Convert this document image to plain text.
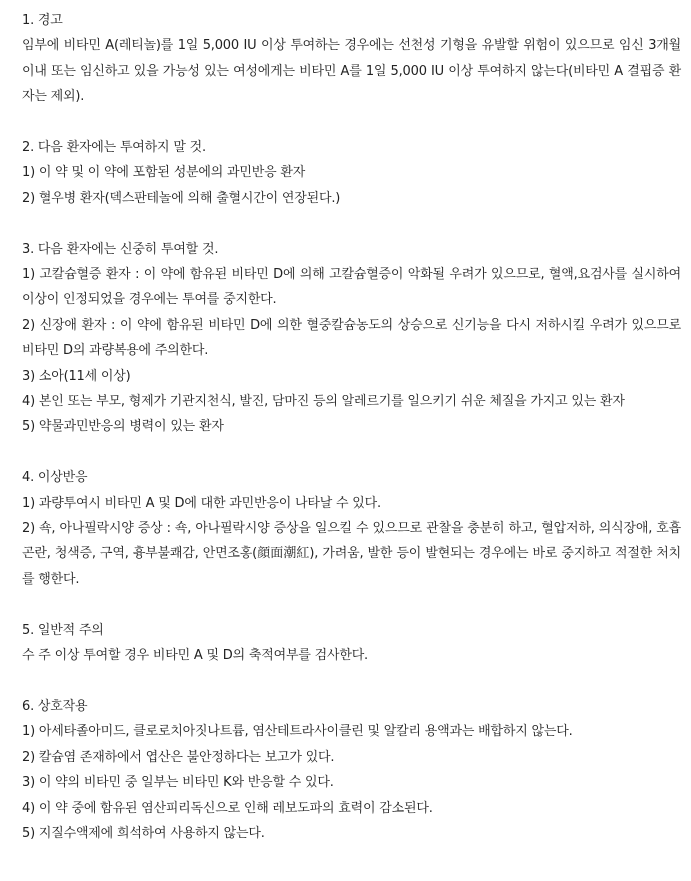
1. 경고

임부에 비타민 A(레티놀)를 1일 5,000 IU 이상 투여하는 경우에는 선천성 기형을 유발할 위험이 있으므로 임신 3개월 이내 또는 임신하고 있을 가능성 있는 여성에게는 비타민 A를 1일 5,000 IU 이상 투여하지 않는다(비타민 A 결핍증 환자는 제외).

2. 다음 환자에는 투여하지 말 것.

1) 이 약 및 이 약에 포함된 성분에의 과민반응 환자

2) 혈우병 환자(덱스판테놀에 의해 출혈시간이 연장된다.)

3. 다음 환자에는 신중히 투여할 것.

1) 고칼슘혈증 환자 : 이 약에 함유된 비타민 D에 의해 고칼슘혈증이 악화될 우려가 있으므로, 혈액,요검사를 실시하여 이상이 인정되었을 경우에는 투여를 중지한다.

2) 신장애 환자 : 이 약에 함유된 비타민 D에 의한 혈중칼슘농도의 상승으로 신기능을 다시 저하시킬 우려가 있으므로 비타민 D의 과량복용에 주의한다.

3) 소아(11세 이상)

4) 본인 또는 부모, 형제가 기관지천식, 발진, 담마진 등의 알레르기를 일으키기 쉬운 체질을 가지고 있는 환자

5) 약물과민반응의 병력이 있는 환자

4. 이상반응

1) 과량투여시 비타민 A 및 D에 대한 과민반응이 나타날 수 있다.

2) 쇽, 아나필락시양 증상 : 쇽, 아나필락시양 증상을 일으킬 수 있으므로 관찰을 충분히 하고, 혈압저하, 의식장애, 호흡곤란, 청색증, 구역, 흉부불쾌감, 안면조홍(顔面潮紅), 가려움, 발한 등이 발현되는 경우에는 바로 중지하고 적절한 처치를 행한다.

5. 일반적 주의

수 주 이상 투여할 경우 비타민 A 및 D의 축적여부를 검사한다.

6. 상호작용

1) 아세타졸아미드, 클로로치아짓나트륨, 염산테트라사이클린 및 알칼리 용액과는 배합하지 않는다.

2) 칼슘염 존재하에서 엽산은 불안정하다는 보고가 있다.

3) 이 약의 비타민 중 일부는 비타민 K와 반응할 수 있다.

4) 이 약 중에 함유된 염산피리독신으로 인해 레보도파의 효력이 감소된다.

5) 지질수액제에 희석하여 사용하지 않는다.
